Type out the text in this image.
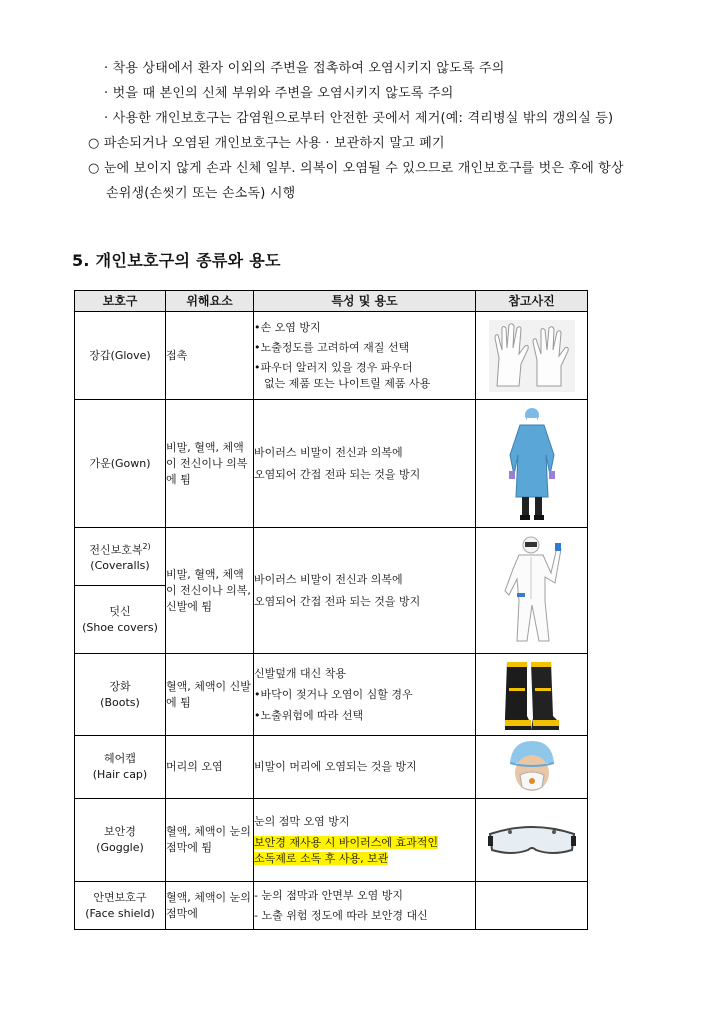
· 착용 상태에서 환자 이외의 주변을 접촉하여 오염시키지 않도록 주의
· 벗을 때 본인의 신체 부위와 주변을 오염시키지 않도록 주의
· 사용한 개인보호구는 감염원으로부터 안전한 곳에서 제거(예: 격리병실 밖의 갱의실 등)
○ 파손되거나 오염된 개인보호구는 사용 · 보관하지 말고 폐기
○ 눈에 보이지 않게 손과 신체 일부. 의복이 오염될 수 있으므로 개인보호구를 벗은 후에 항상
손위생(손씻기 또는 손소독) 시행
5. 개인보호구의 종류와 용도
보호구	위해요소	특성 및 용도	참고사진
장갑(Glove)	접촉	•손 오염 방지
•노출정도를 고려하여 재질 선택
•파우더 알러지 있을 경우 파우더
없는 제품 또는 나이트릴 제품 사용

가운(Gown)	비말, 혈액, 체액이 전신이나 의복에 튐	바이러스 비말이 전신과 의복에
오염되어 간접 전파 되는 것을 방지

전신보호복$^{2)}$
(Coveralls)	비말, 혈액, 체액이 전신이나 의복, 신발에 튐	바이러스 비말이 전신과 의복에
오염되어 간접 전파 되는 것을 방지

덧신
(Shoe covers)			

장화
(Boots)	혈액, 체액이 신발에 튐	신발덮개 대신 착용
•바닥이 젖거나 오염이 심할 경우
•노출위험에 따라 선택

헤어캡
(Hair cap)	머리의 오염	비말이 머리에 오염되는 것을 방지

보안경
(Goggle)	혈액, 체액이 눈의 점막에 튐	눈의 점막 오염 방지
보안경 재사용 시 바이러스에 효과적인
소독제로 소독 후 사용, 보관

안면보호구
(Face shield)	혈액, 체액이 눈의 점막에	- 눈의 점막과 안면부 오염 방지
- 노출 위험 정도에 따라 보안경 대신	
